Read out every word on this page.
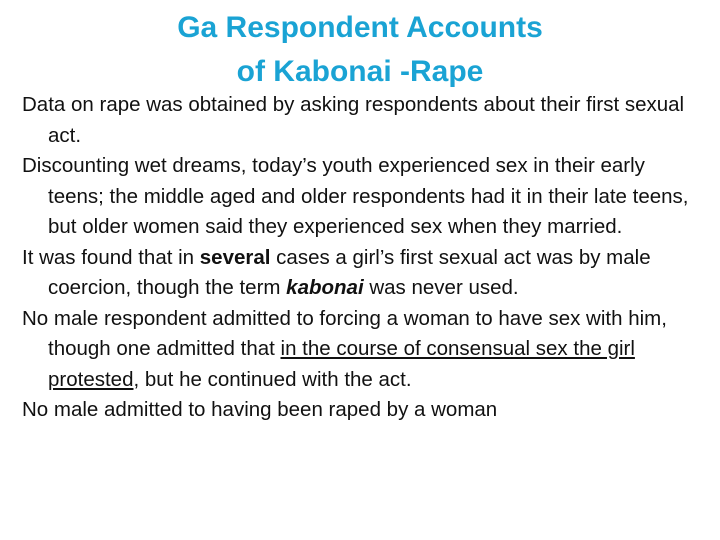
Ga Respondent Accounts
of Kabonai -Rape

Data on rape was obtained by asking respondents about their first sexual act.

Discounting wet dreams, today’s youth experienced sex in their early teens; the middle aged and older respondents had it in their late teens, but older women said they experienced sex when they married.

It was found that in several cases a girl’s first sexual act was by male coercion, though the term kabonai was never used.

No male respondent admitted to forcing a woman to have sex with him, though one admitted that in the course of consensual sex the girl protested, but he continued with the act.

No male admitted to having been raped by a woman
